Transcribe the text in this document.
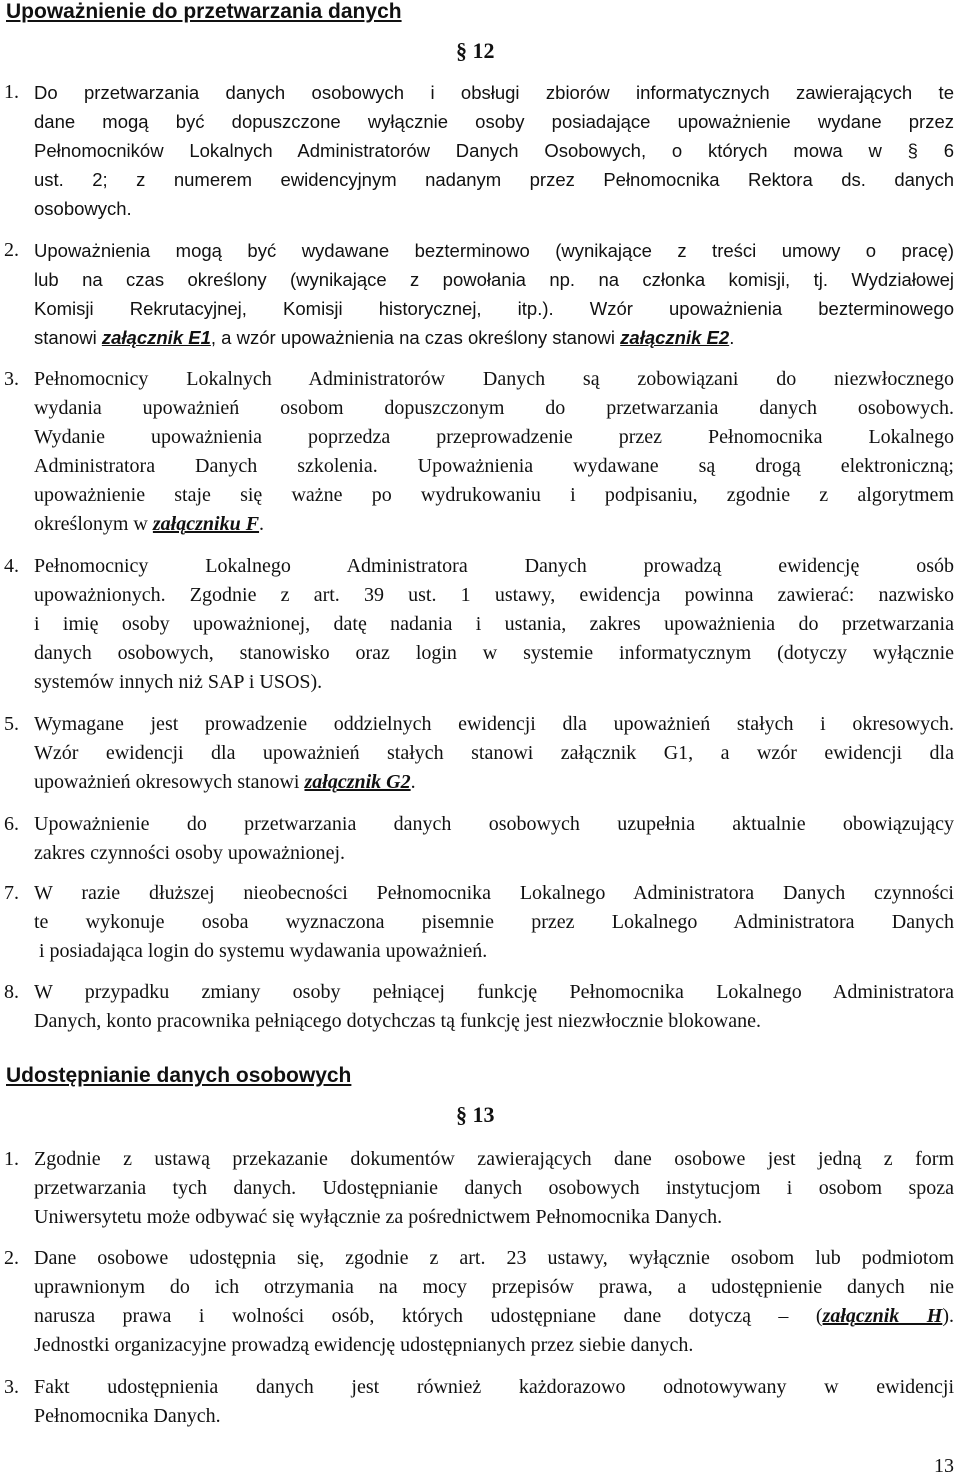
Upoważnienie do przetwarzania danych
§ 12
1. Do przetwarzania danych osobowych i obsługi zbiorów informatycznych zawierających te
dane mogą być dopuszczone wyłącznie osoby posiadające upoważnienie wydane przez
Pełnomocników Lokalnych Administratorów Danych Osobowych, o których mowa w § 6
ust. 2; z numerem ewidencyjnym nadanym przez Pełnomocnika Rektora ds. danych
osobowych.
2. Upoważnienia mogą być wydawane bezterminowo (wynikające z treści umowy o pracę)
lub na czas określony (wynikające z powołania np. na członka komisji, tj. Wydziałowej
Komisji Rekrutacyjnej, Komisji historycznej, itp.). Wzór upoważnienia bezterminowego
stanowi załącznik E1, a wzór upoważnienia na czas określony stanowi załącznik E2.
3. Pełnomocnicy Lokalnych Administratorów Danych są zobowiązani do niezwłocznego
wydania upoważnień osobom dopuszczonym do przetwarzania danych osobowych.
Wydanie upoważnienia poprzedza przeprowadzenie przez Pełnomocnika Lokalnego
Administratora Danych szkolenia. Upoważnienia wydawane są drogą elektroniczną;
upoważnienie staje się ważne po wydrukowaniu i podpisaniu, zgodnie z algorytmem
określonym w załączniku F.
4. Pełnomocnicy Lokalnego Administratora Danych prowadzą ewidencję osób
upoważnionych. Zgodnie z art. 39 ust. 1 ustawy, ewidencja powinna zawierać: nazwisko
i imię osoby upoważnionej, datę nadania i ustania, zakres upoważnienia do przetwarzania
danych osobowych, stanowisko oraz login w systemie informatycznym (dotyczy wyłącznie
systemów innych niż SAP i USOS).
5. Wymagane jest prowadzenie oddzielnych ewidencji dla upoważnień stałych i okresowych.
Wzór ewidencji dla upoważnień stałych stanowi załącznik G1, a wzór ewidencji dla
upoważnień okresowych stanowi załącznik G2.
6. Upoważnienie do przetwarzania danych osobowych uzupełnia aktualnie obowiązujący
zakres czynności osoby upoważnionej.
7. W razie dłuższej nieobecności Pełnomocnika Lokalnego Administratora Danych czynności
te wykonuje osoba wyznaczona pisemnie przez Lokalnego Administratora Danych
i posiadająca login do systemu wydawania upoważnień.
8. W przypadku zmiany osoby pełniącej funkcję Pełnomocnika Lokalnego Administratora
Danych, konto pracownika pełniącego dotychczas tą funkcję jest niezwłocznie blokowane.
Udostępnianie danych osobowych
§ 13
1. Zgodnie z ustawą przekazanie dokumentów zawierających dane osobowe jest jedną z form
przetwarzania tych danych. Udostępnianie danych osobowych instytucjom i osobom spoza
Uniwersytetu może odbywać się wyłącznie za pośrednictwem Pełnomocnika Danych.
2. Dane osobowe udostępnia się, zgodnie z art. 23 ustawy, wyłącznie osobom lub podmiotom
uprawnionym do ich otrzymania na mocy przepisów prawa, a udostępnienie danych nie
narusza prawa i wolności osób, których udostępniane dane dotyczą – (załącznik H).
Jednostki organizacyjne prowadzą ewidencję udostępnianych przez siebie danych.
3. Fakt udostępnienia danych jest również każdorazowo odnotowywany w ewidencji
Pełnomocnika Danych.
13
